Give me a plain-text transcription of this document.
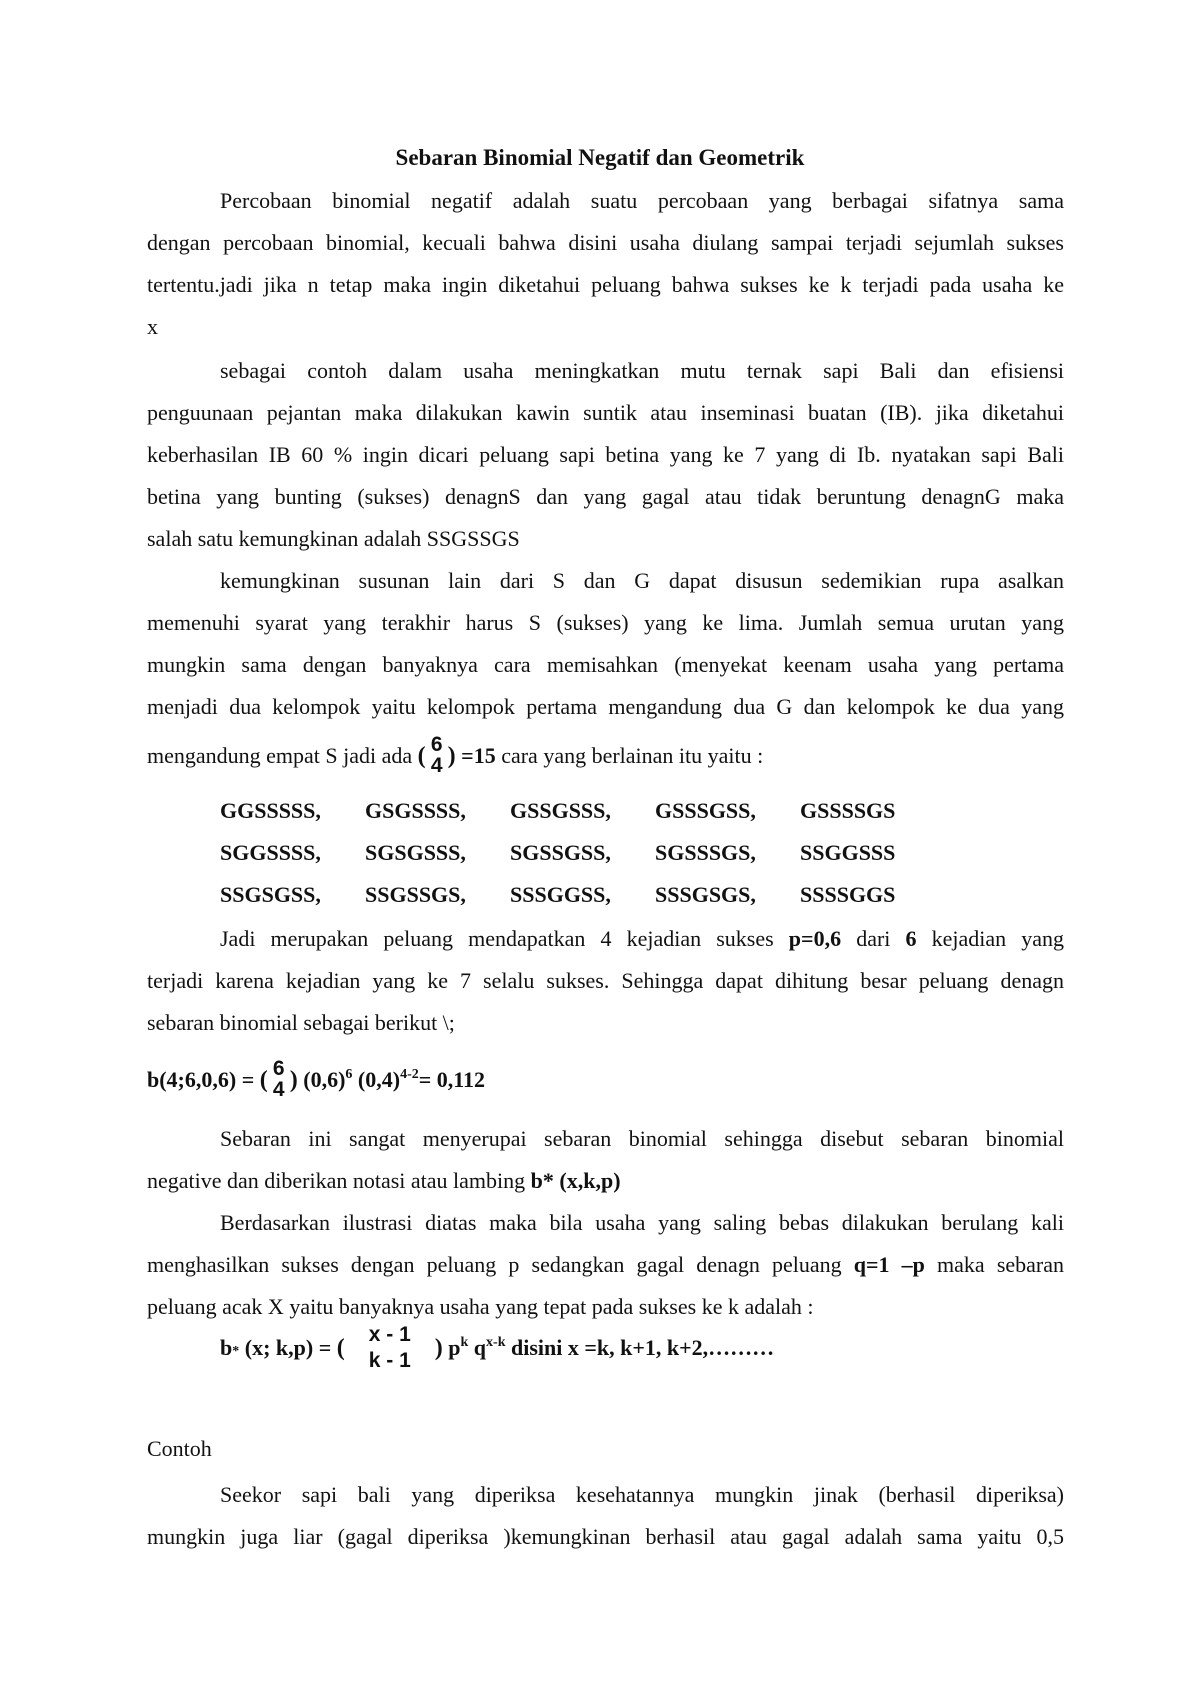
Sebaran Binomial Negatif dan Geometrik
Percobaan binomial negatif adalah suatu percobaan yang berbagai sifatnya sama
dengan percobaan binomial, kecuali bahwa disini usaha diulang sampai terjadi sejumlah sukses
tertentu.jadi jika n tetap maka ingin diketahui peluang bahwa sukses ke k terjadi pada usaha ke
x
sebagai contoh dalam usaha meningkatkan mutu ternak sapi Bali dan efisiensi
penguunaan pejantan maka dilakukan kawin suntik atau inseminasi buatan (IB). jika diketahui
keberhasilan IB 60 % ingin dicari peluang sapi betina yang ke 7 yang di Ib. nyatakan sapi Bali
betina yang bunting (sukses) denagnS dan yang gagal atau tidak beruntung denagnG maka
salah satu kemungkinan adalah SSGSSGS
kemungkinan susunan lain dari S dan G dapat disusun sedemikian rupa asalkan
memenuhi syarat yang terakhir harus S (sukses) yang ke lima. Jumlah semua urutan yang
mungkin sama dengan banyaknya cara memisahkan (menyekat keenam usaha yang pertama
menjadi dua kelompok yaitu kelompok pertama mengandung dua G dan kelompok ke dua yang
mengandung empat S jadi ada ( 6
4 ) =15 cara yang berlainan itu yaitu :
GGSSSSS, GSGSSSS, GSSGSSS, GSSSGSS, GSSSSGS
SGGSSSS, SGSGSSS, SGSSGSS, SGSSSGS, SSGGSSS
SSGSGSS, SSGSSGS, SSSGGSS, SSSGSGS, SSSSGGS
Jadi merupakan peluang mendapatkan 4 kejadian sukses p=0,6 dari 6 kejadian yang
terjadi karena kejadian yang ke 7 selalu sukses. Sehingga dapat dihitung besar peluang denagn
sebaran binomial sebagai berikut \;
b(4;6,0,6) = ( 6
4 ) $(0,6)^6$ $(0,4)^{4-2}= 0,112$
Sebaran ini sangat menyerupai sebaran binomial sehingga disebut sebaran binomial
negative dan diberikan notasi atau lambing b* (x,k,p)
Berdasarkan ilustrasi diatas maka bila usaha yang saling bebas dilakukan berulang kali
menghasilkan sukses dengan peluang p sedangkan gagal denagn peluang q=1 –p maka sebaran
peluang acak X yaitu banyaknya usaha yang tepat pada sukses ke k adalah :
b* (x; k,p) = (
x - 1
k - 1 ) $p^k$ $q^{x-k}$ disini x =k, k+1, k+2,………
Contoh
Seekor sapi bali yang diperiksa kesehatannya mungkin jinak (berhasil diperiksa)
mungkin juga liar (gagal diperiksa )kemungkinan berhasil atau gagal adalah sama yaitu 0,5
